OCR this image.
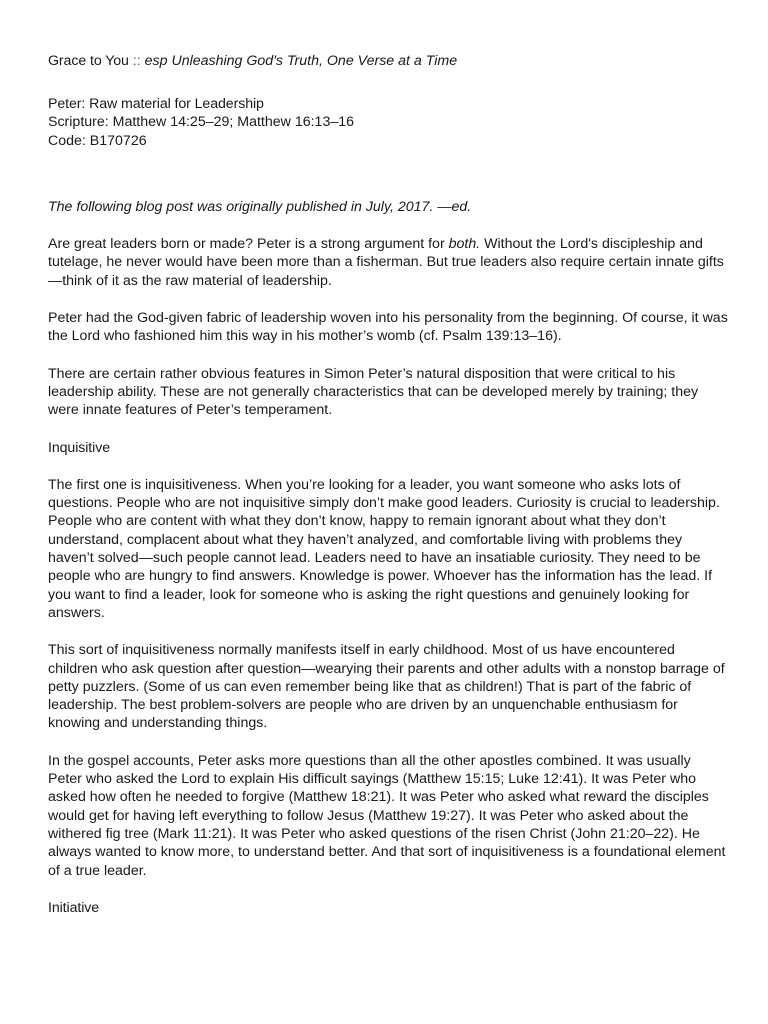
Grace to You :: esp Unleashing God's Truth, One Verse at a Time
Peter: Raw material for Leadership
Scripture: Matthew 14:25–29; Matthew 16:13–16
Code: B170726
The following blog post was originally published in July, 2017. —ed.

Are great leaders born or made? Peter is a strong argument for both. Without the Lord's discipleship and tutelage, he never would have been more than a fisherman. But true leaders also require certain innate gifts—think of it as the raw material of leadership.

Peter had the God-given fabric of leadership woven into his personality from the beginning. Of course, it was the Lord who fashioned him this way in his mother’s womb (cf. Psalm 139:13–16).

There are certain rather obvious features in Simon Peter’s natural disposition that were critical to his leadership ability. These are not generally characteristics that can be developed merely by training; they were innate features of Peter’s temperament.

Inquisitive

The first one is inquisitiveness. When you’re looking for a leader, you want someone who asks lots of questions. People who are not inquisitive simply don’t make good leaders. Curiosity is crucial to leadership. People who are content with what they don’t know, happy to remain ignorant about what they don’t understand, complacent about what they haven’t analyzed, and comfortable living with problems they haven’t solved—such people cannot lead. Leaders need to have an insatiable curiosity. They need to be people who are hungry to find answers. Knowledge is power. Whoever has the information has the lead. If you want to find a leader, look for someone who is asking the right questions and genuinely looking for answers.

This sort of inquisitiveness normally manifests itself in early childhood. Most of us have encountered children who ask question after question—wearying their parents and other adults with a nonstop barrage of petty puzzlers. (Some of us can even remember being like that as children!) That is part of the fabric of leadership. The best problem-solvers are people who are driven by an unquenchable enthusiasm for knowing and understanding things.

In the gospel accounts, Peter asks more questions than all the other apostles combined. It was usually Peter who asked the Lord to explain His difficult sayings (Matthew 15:15; Luke 12:41). It was Peter who asked how often he needed to forgive (Matthew 18:21). It was Peter who asked what reward the disciples would get for having left everything to follow Jesus (Matthew 19:27). It was Peter who asked about the withered fig tree (Mark 11:21). It was Peter who asked questions of the risen Christ (John 21:20–22). He always wanted to know more, to understand better. And that sort of inquisitiveness is a foundational element of a true leader.

Initiative
